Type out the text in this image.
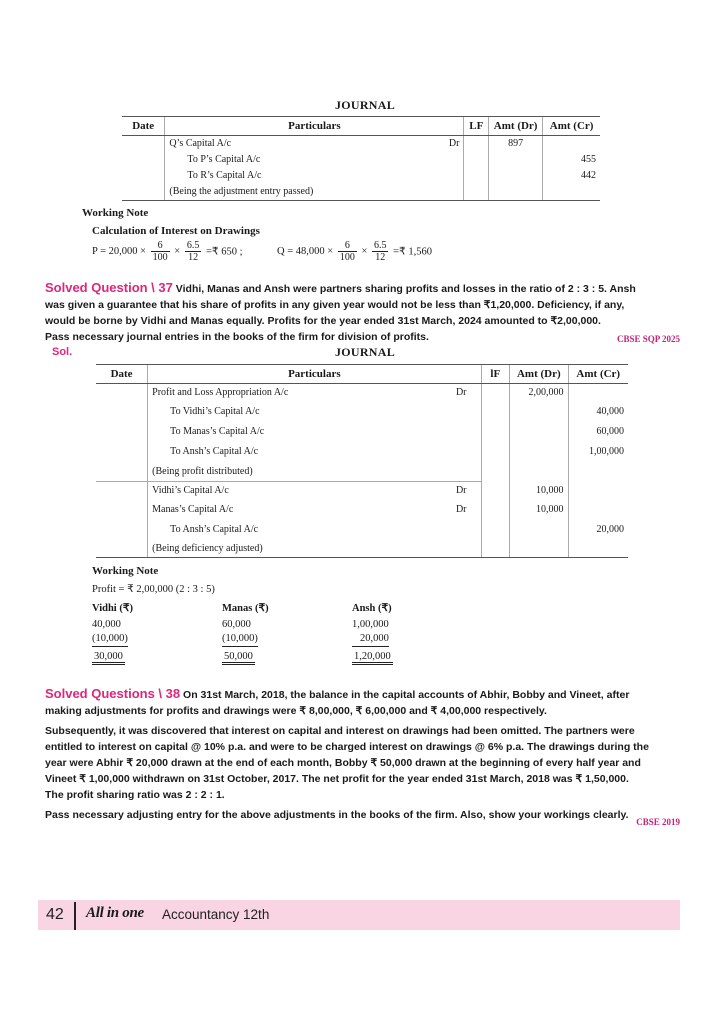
JOURNAL
Date	Particulars	LF	Amt (Dr)	Amt (Cr)
	Q’s Capital A/c Dr		897	
	To P’s Capital A/c			455
	To R’s Capital A/c			442
	(Being the adjustment entry passed)			
Working Note
Calculation of Interest on Drawings
$P = 20,000 \times \frac{6}{100} \times \frac{6.5}{12}$ =₹ 650 ;	$Q = 48,000 \times \frac{6}{100} \times \frac{6.5}{12}$ =₹ 1,560
Solved Question \ 37 Vidhi, Manas and Ansh were partners sharing profits and losses in the ratio of 2 : 3 : 5. Ansh
was given a guarantee that his share of profits in any given year would not be less than ₹1,20,000. Deficiency, if any,
would be borne by Vidhi and Manas equally. Profits for the year ended 31st March, 2024 amounted to ₹2,00,000.
Pass necessary journal entries in the books of the firm for division of profits.	CBSE SQP 2025
Sol.	JOURNAL
Date	Particulars	lF	Amt (Dr)	Amt (Cr)
	Profit and Loss Appropriation A/c Dr		2,00,000	
	To Vidhi’s Capital A/c			40,000
	To Manas’s Capital A/c			60,000
	To Ansh’s Capital A/c			1,00,000
	(Being profit distributed)			
	Vidhi’s Capital A/c Dr		10,000	
	Manas’s Capital A/c Dr		10,000	
	To Ansh’s Capital A/c			20,000
	(Being deficiency adjusted)			
Working Note
Profit = ₹ 2,00,000 (2 : 3 : 5)
Vidhi (₹)	Manas (₹)	Ansh (₹)
40,000	60,000	1,00,000
(10,000)	(10,000)	20,000
30,000	50,000	1,20,000
Solved Questions \ 38 On 31st March, 2018, the balance in the capital accounts of Abhir, Bobby and Vineet, after
making adjustments for profits and drawings were ₹ 8,00,000, ₹ 6,00,000 and ₹ 4,00,000 respectively.
Subsequently, it was discovered that interest on capital and interest on drawings had been omitted. The partners were
entitled to interest on capital @ 10% p.a. and were to be charged interest on drawings @ 6% p.a. The drawings during the
year were Abhir ₹ 20,000 drawn at the end of each month, Bobby ₹ 50,000 drawn at the beginning of every half year and
Vineet ₹ 1,00,000 withdrawn on 31st October, 2017. The net profit for the year ended 31st March, 2018 was ₹ 1,50,000.
The profit sharing ratio was 2 : 2 : 1.
Pass necessary adjusting entry for the above adjustments in the books of the firm. Also, show your workings clearly.
CBSE 2019
42 All in one Accountancy 12th
